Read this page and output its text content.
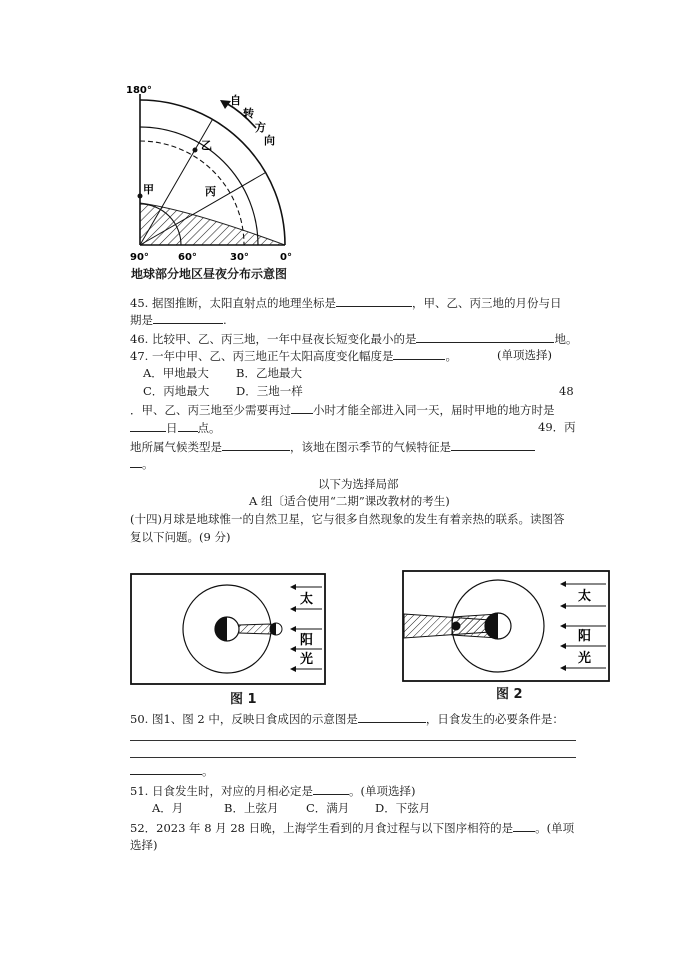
180°
90°	60°	30°	0°
自
转
方
向
甲
乙
丙
地球部分地区昼夜分布示意图
45. 据图推断，太阳直射点的地理坐标是	，甲、乙、丙三地的月份与日
期是	.
46. 比较甲、乙、丙三地，一年中昼夜长短变化最小的是	地。
47. 一年中甲、乙、丙三地正午太阳高度变化幅度是	。	(单项选择)
A．甲地最大 B．乙地最大
C．丙地最大 D．三地一样	48
．甲、乙、丙三地至少需要再过 小时才能全部进入同一天，届时甲地的地方时是
日 点。	49．丙
地所属气候类型是	，该地在图示季节的气候特征是
。
以下为选择局部
A 组〔适合使用“二期”课改教材的考生)
(十四)月球是地球惟一的自然卫星，它与很多自然现象的发生有着亲热的联系。读图答
复以下问题。(9 分)
太
阳
光
图 1
太
阳
光
图 2
50. 图1、图 2 中，反映日食成因的示意图是	，日食发生的必要条件是：
。
51. 日食发生时，对应的月相必定是	。(单项选择)
A．月	B．上弦月 C．满月 D．下弦月
52．2023 年 8 月 28 日晚，上海学生看到的月食过程与以下图序相符的是 。(单项
选择)
